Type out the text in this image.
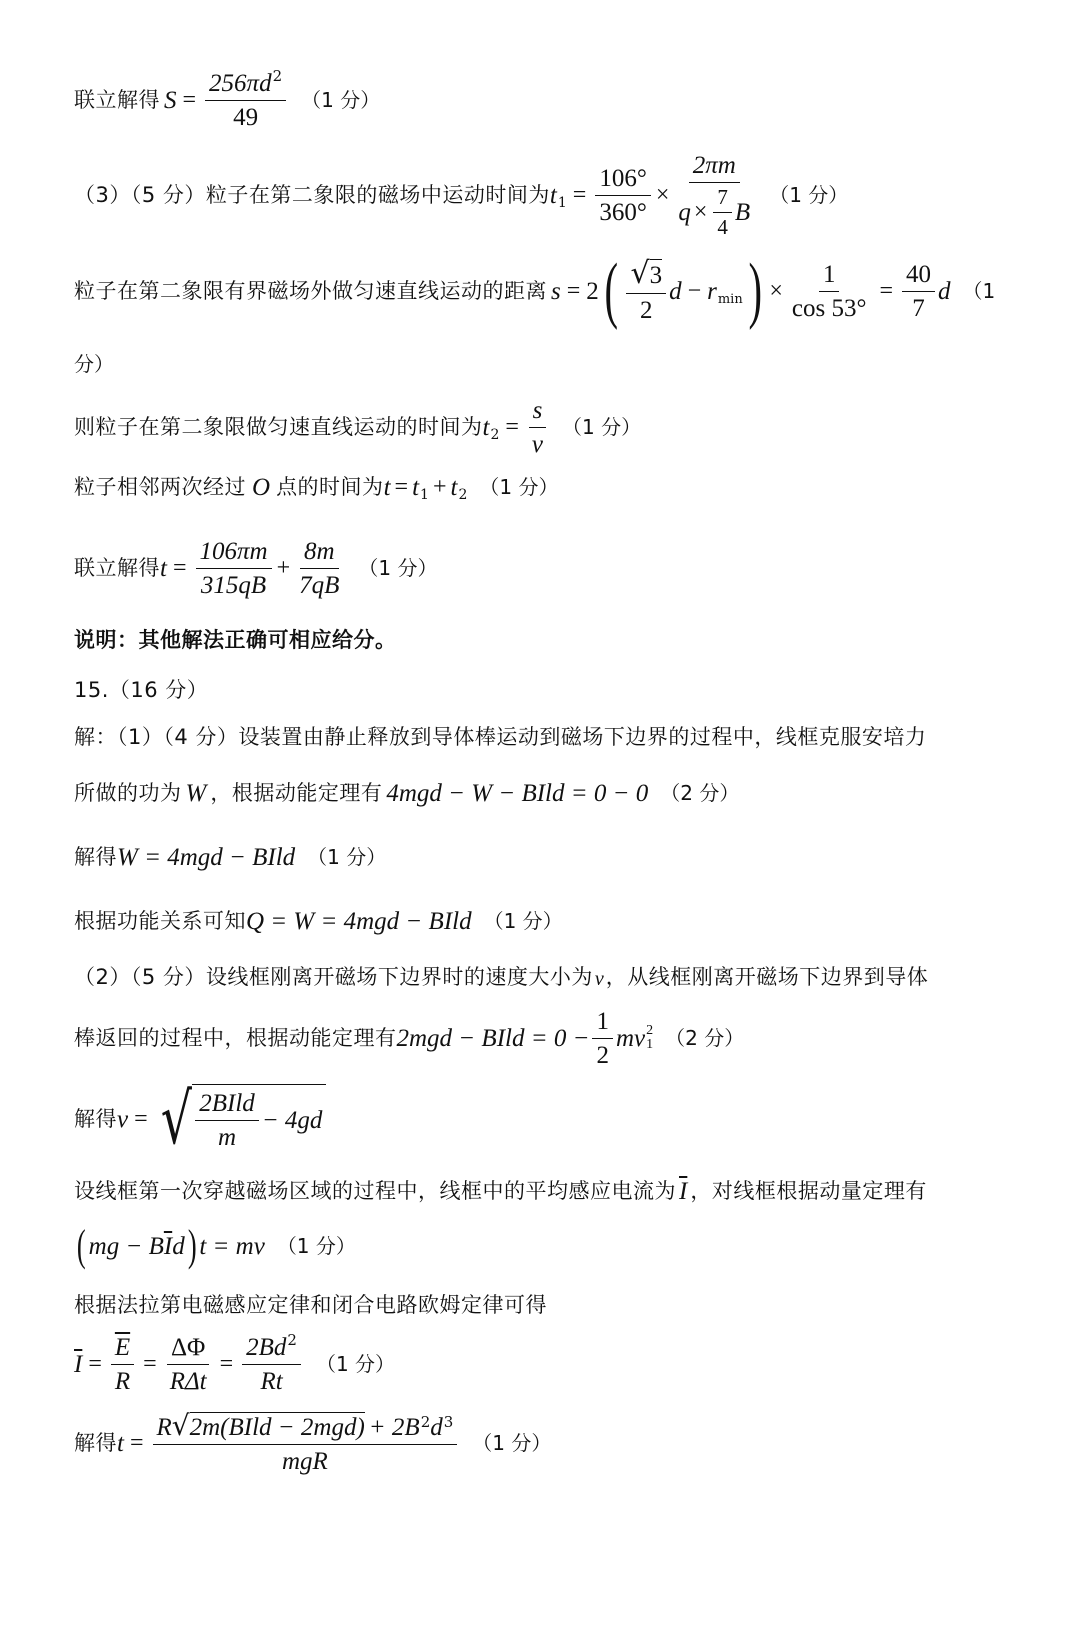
联立解得 $S = \frac{256\pi d^2}{49} (1$ 分）
（3）（5 分）粒子在第二象限的磁场中运动时间为 t $1 = \frac{106^\circ}{360^\circ}$ ×
2πm
$q \times \frac{7}{4}$ B
（1 分）
粒子在第二象限有界磁场外做匀速直线运动的距离 s = 2 ( $\frac{√ 3}{2}$ d − r min ) × $\frac{1}{\cos 53^\circ} = \frac{40}{7}$ d （1
分）
则粒子在第二象限做匀速直线运动的时间为 t $2 = \frac{s}{v} (1$ 分）
粒子相邻两次经过 O 点的时间为 t = t 1 + t 2 （1 分）
联立解得 $t = \frac{106\pi m}{315qB} + \frac{8m}{7qB} (1$ 分）
说明：其他解法正确可相应给分。
15.（16 分）
解：（1）（4 分）设装置由静止释放到导体棒运动到磁场下边界的过程中，线框克服安培力
所做的功为 W ，根据动能定理有 4mgd − W − BIld = 0 − 0 （2 分）
解得 W = 4mgd − BIld （1 分）
根据功能关系可知 Q = W = 4mgd − BIld （1 分）
（2）（5 分）设线框刚离开磁场下边界时的速度大小为 v ，从线框刚离开磁场下边界到导体
棒返回的过程中，根据动能定理有 2mgd − BIld = $0 - \frac{1}{2}$ mv 2
1 （2 分）
解得 v = √ $\frac{\text{2BIld}}{m} - 4gd$
设线框第一次穿越磁场区域的过程中，线框中的平均感应电流为 $\overline{I}$ ，对线框根据动量定理有
( mg − B $\overline{I}$ d ) t = mv （1 分）
根据法拉第电磁感应定律和闭合电路欧姆定律可得
$\overline{I} = \frac{\overline{E}}{R} = \frac{\Delta\Phi}{\text{RΔt}} = \frac{2Bd^2}{Rt} (1$ 分）
解得 t =
R √ 2m(BIld − 2mgd) + 2B 2 d 3
mgR
（1 分）
